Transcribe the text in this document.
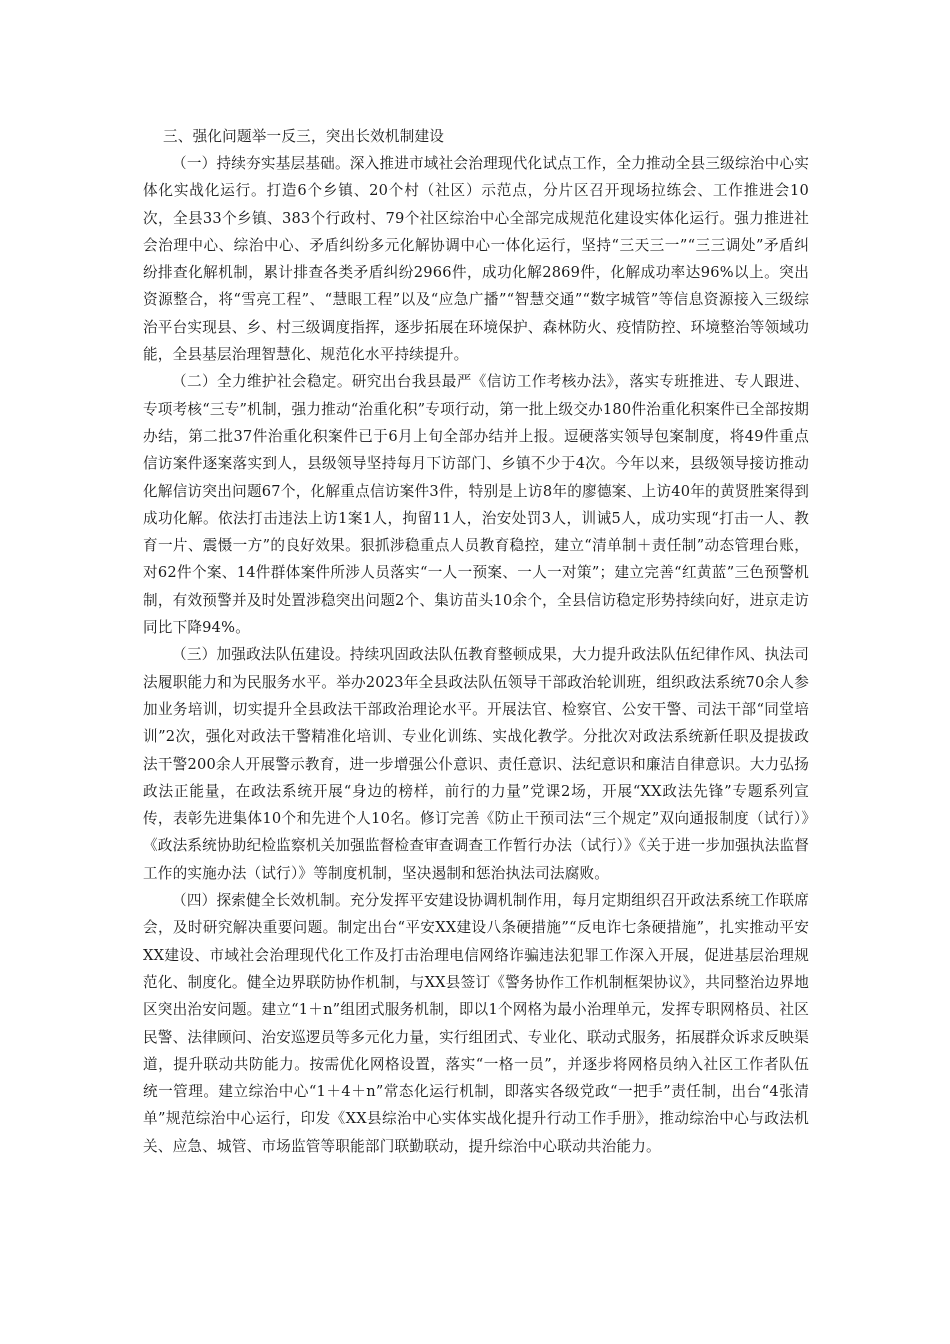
三、强化问题举一反三，突出长效机制建设

（一）持续夯实基层基础。深入推进市域社会治理现代化试点工作，全力推动全县三级综治中心实体化实战化运行。打造6个乡镇、20个村（社区）示范点，分片区召开现场拉练会、工作推进会10次，全县33个乡镇、383个行政村、79个社区综治中心全部完成规范化建设实体化运行。强力推进社会治理中心、综治中心、矛盾纠纷多元化解协调中心一体化运行，坚持“三天三一”“三三调处”矛盾纠纷排查化解机制，累计排查各类矛盾纠纷2966件，成功化解2869件，化解成功率达96%以上。突出资源整合，将“雪亮工程”、“慧眼工程”以及“应急广播”“智慧交通”“数字城管”等信息资源接入三级综治平台实现县、乡、村三级调度指挥，逐步拓展在环境保护、森林防火、疫情防控、环境整治等领域功能，全县基层治理智慧化、规范化水平持续提升。

（二）全力维护社会稳定。研究出台我县最严《信访工作考核办法》，落实专班推进、专人跟进、专项考核“三专”机制，强力推动“治重化积”专项行动，第一批上级交办180件治重化积案件已全部按期办结，第二批37件治重化积案件已于6月上旬全部办结并上报。逗硬落实领导包案制度，将49件重点信访案件逐案落实到人，县级领导坚持每月下访部门、乡镇不少于4次。今年以来，县级领导接访推动化解信访突出问题67个，化解重点信访案件3件，特别是上访8年的廖德案、上访40年的黄贤胜案得到成功化解。依法打击违法上访1案1人，拘留11人，治安处罚3人，训诫5人，成功实现“打击一人、教育一片、震慑一方”的良好效果。狠抓涉稳重点人员教育稳控，建立“清单制＋责任制”动态管理台账，对62件个案、14件群体案件所涉人员落实“一人一预案、一人一对策”；建立完善“红黄蓝”三色预警机制，有效预警并及时处置涉稳突出问题2个、集访苗头10余个，全县信访稳定形势持续向好，进京走访同比下降94%。

（三）加强政法队伍建设。持续巩固政法队伍教育整顿成果，大力提升政法队伍纪律作风、执法司法履职能力和为民服务水平。举办2023年全县政法队伍领导干部政治轮训班，组织政法系统70余人参加业务培训，切实提升全县政法干部政治理论水平。开展法官、检察官、公安干警、司法干部“同堂培训”2次，强化对政法干警精准化培训、专业化训练、实战化教学。分批次对政法系统新任职及提拔政法干警200余人开展警示教育，进一步增强公仆意识、责任意识、法纪意识和廉洁自律意识。大力弘扬政法正能量，在政法系统开展“身边的榜样，前行的力量”党课2场，开展“XX政法先锋”专题系列宣传，表彰先进集体10个和先进个人10名。修订完善《防止干预司法“三个规定”双向通报制度（试行）》《政法系统协助纪检监察机关加强监督检查审查调查工作暂行办法（试行）》《关于进一步加强执法监督工作的实施办法（试行）》等制度机制，坚决遏制和惩治执法司法腐败。

（四）探索健全长效机制。充分发挥平安建设协调机制作用，每月定期组织召开政法系统工作联席会，及时研究解决重要问题。制定出台“平安XX建设八条硬措施”“反电诈七条硬措施”，扎实推动平安XX建设、市域社会治理现代化工作及打击治理电信网络诈骗违法犯罪工作深入开展，促进基层治理规范化、制度化。健全边界联防协作机制，与XX县签订《警务协作工作机制框架协议》，共同整治边界地区突出治安问题。建立“1＋n”组团式服务机制，即以1个网格为最小治理单元，发挥专职网格员、社区民警、法律顾问、治安巡逻员等多元化力量，实行组团式、专业化、联动式服务，拓展群众诉求反映渠道，提升联动共防能力。按需优化网格设置，落实“一格一员”，并逐步将网格员纳入社区工作者队伍统一管理。建立综治中心“1＋4＋n”常态化运行机制，即落实各级党政“一把手”责任制，出台“4张清单”规范综治中心运行，印发《XX县综治中心实体实战化提升行动工作手册》，推动综治中心与政法机关、应急、城管、市场监管等职能部门联勤联动，提升综治中心联动共治能力。
